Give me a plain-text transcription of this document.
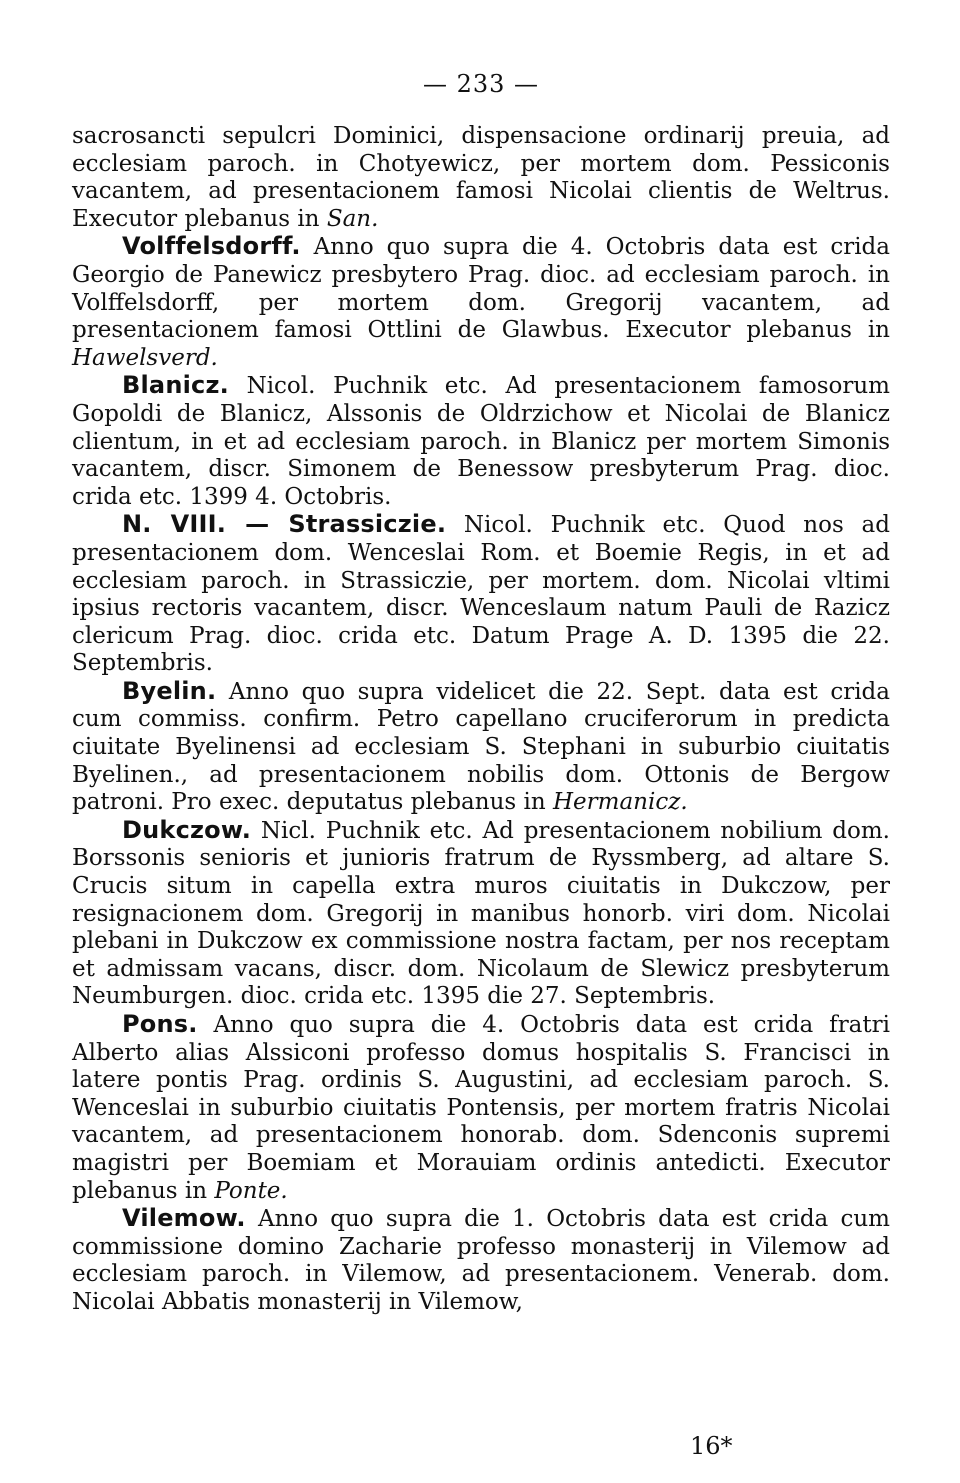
— 233 —

sacrosancti sepulcri Dominici, dispensacione ordinarij preuia, ad ecclesiam paroch. in Chotyewicz, per mortem dom. Pessiconis vacantem, ad presentacionem famosi Nicolai clientis de Weltrus. Executor plebanus in San.

Volffelsdorff. Anno quo supra die 4. Octobris data est crida Georgio de Panewicz presbytero Prag. dioc. ad ecclesiam paroch. in Volffelsdorff, per mortem dom. Gregorij vacantem, ad presentacionem famosi Ottlini de Glawbus. Executor plebanus in Hawelsverd.

Blanicz. Nicol. Puchnik etc. Ad presentacionem famosorum Gopoldi de Blanicz, Alssonis de Oldrzichow et Nicolai de Blanicz clientum, in et ad ecclesiam paroch. in Blanicz per mortem Simonis vacantem, discr. Simonem de Benessow presbyterum Prag. dioc. crida etc. 1399 4. Octobris.

N. VIII. — Strassiczie. Nicol. Puchnik etc. Quod nos ad presentacionem dom. Wenceslai Rom. et Boemie Regis, in et ad ecclesiam paroch. in Strassiczie, per mortem. dom. Nicolai vltimi ipsius rectoris vacantem, discr. Wenceslaum natum Pauli de Razicz clericum Prag. dioc. crida etc. Datum Prage A. D. 1395 die 22. Septembris.

Byelin. Anno quo supra videlicet die 22. Sept. data est crida cum commiss. confirm. Petro capellano cruciferorum in predicta ciuitate Byelinensi ad ecclesiam S. Stephani in suburbio ciuitatis Byelinen., ad presentacionem nobilis dom. Ottonis de Bergow patroni. Pro exec. deputatus plebanus in Hermanicz.

Dukczow. Nicl. Puchnik etc. Ad presentacionem nobilium dom. Borssonis senioris et junioris fratrum de Ryssmberg, ad altare S. Crucis situm in capella extra muros ciuitatis in Dukczow, per resignacionem dom. Gregorij in manibus honorb. viri dom. Nicolai plebani in Dukczow ex commissione nostra factam, per nos receptam et admissam vacans, discr. dom. Nicolaum de Slewicz presbyterum Neumburgen. dioc. crida etc. 1395 die 27. Septembris.

Pons. Anno quo supra die 4. Octobris data est crida fratri Alberto alias Alssiconi professo domus hospitalis S. Francisci in latere pontis Prag. ordinis S. Augustini, ad ecclesiam paroch. S. Wenceslai in suburbio ciuitatis Pontensis, per mortem fratris Nicolai vacantem, ad presentacionem honorab. dom. Sdenconis supremi magistri per Boemiam et Morauiam ordinis antedicti. Executor plebanus in Ponte.

Vilemow. Anno quo supra die 1. Octobris data est crida cum commissione domino Zacharie professo monasterij in Vilemow ad ecclesiam paroch. in Vilemow, ad presentacionem. Venerab. dom. Nicolai Abbatis monasterij in Vilemow,

16*
